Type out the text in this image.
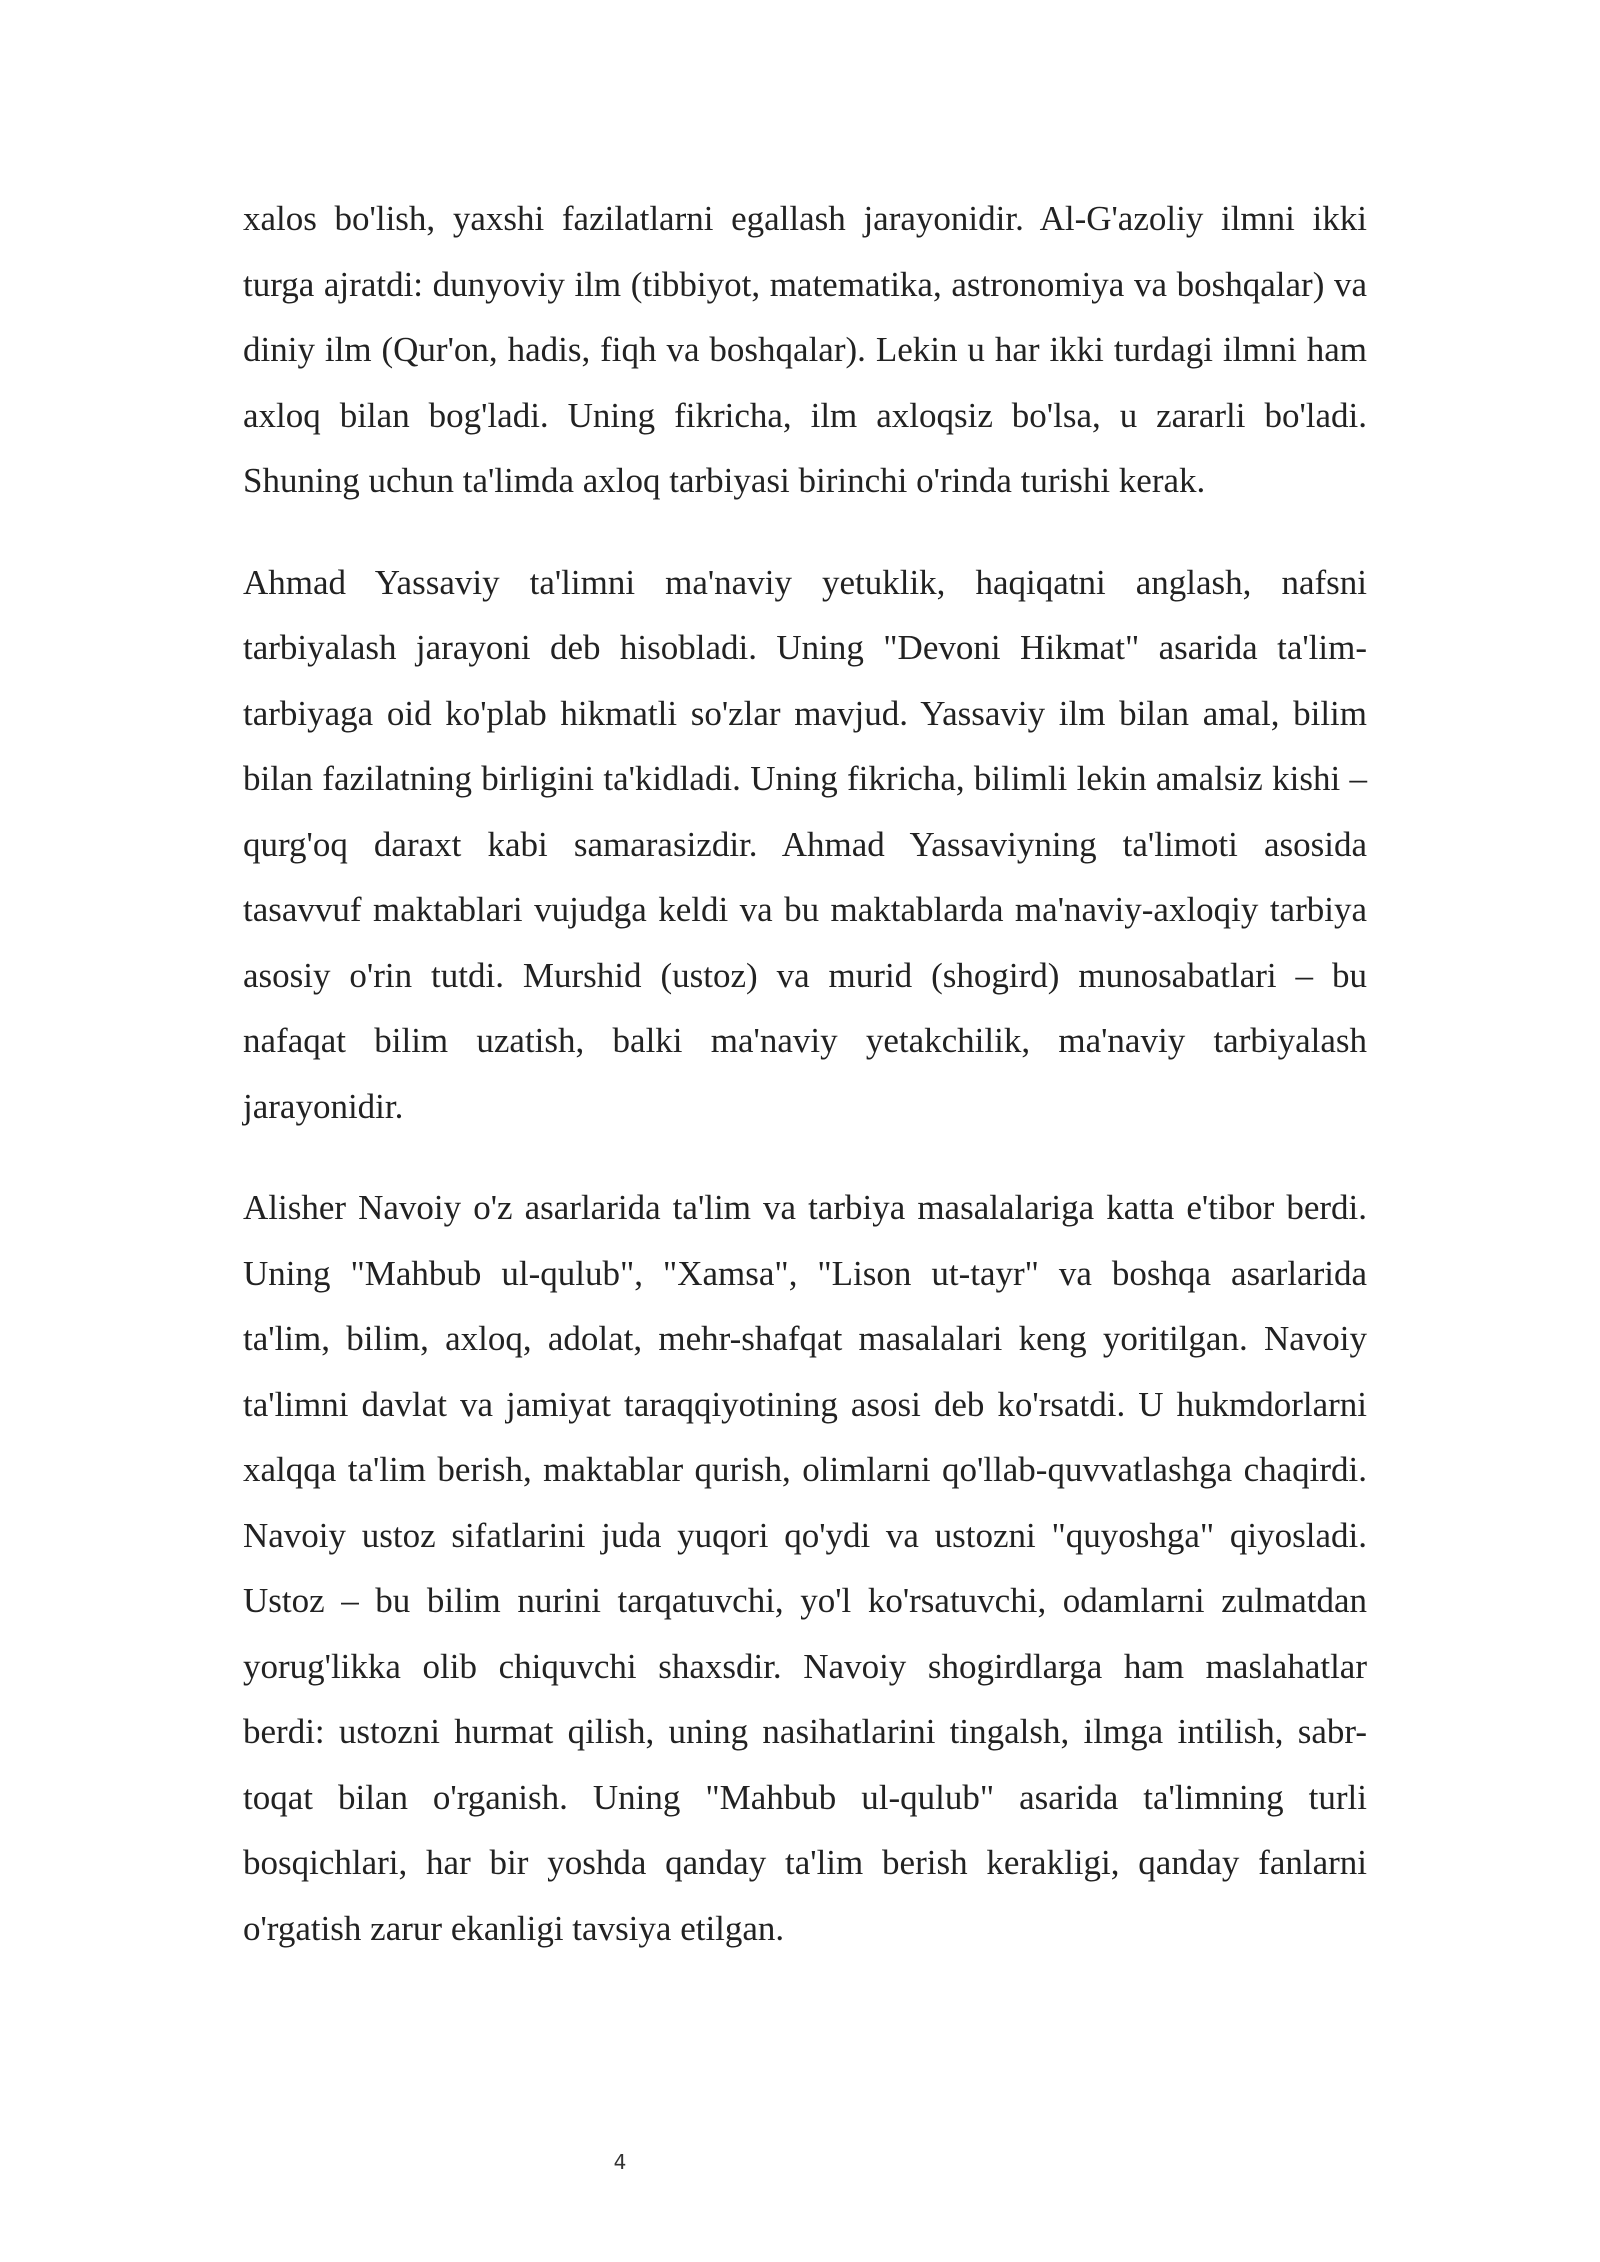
xalos bo'lish, yaxshi fazilatlarni egallash jarayonidir. Al-G'azoliy ilmni ikki turga ajratdi: dunyoviy ilm (tibbiyot, matematika, astronomiya va boshqalar) va diniy ilm (Qur'on, hadis, fiqh va boshqalar). Lekin u har ikki turdagi ilmni ham axloq bilan bog'ladi. Uning fikricha, ilm axloqsiz bo'lsa, u zararli bo'ladi. Shuning uchun ta'limda axloq tarbiyasi birinchi o'rinda turishi kerak.

Ahmad Yassaviy ta'limni ma'naviy yetuklik, haqiqatni anglash, nafsni tarbiyalash jarayoni deb hisobladi. Uning "Devoni Hikmat" asarida ta'lim-tarbiyaga oid ko'plab hikmatli so'zlar mavjud. Yassaviy ilm bilan amal, bilim bilan fazilatning birligini ta'kidladi. Uning fikricha, bilimli lekin amalsiz kishi – qurg'oq daraxt kabi samarasizdir. Ahmad Yassaviyning ta'limoti asosida tasavvuf maktablari vujudga keldi va bu maktablarda ma'naviy-axloqiy tarbiya asosiy o'rin tutdi. Murshid (ustoz) va murid (shogird) munosabatlari – bu nafaqat bilim uzatish, balki ma'naviy yetakchilik, ma'naviy tarbiyalash jarayonidir.

Alisher Navoiy o'z asarlarida ta'lim va tarbiya masalalariga katta e'tibor berdi. Uning "Mahbub ul-qulub", "Xamsa", "Lison ut-tayr" va boshqa asarlarida ta'lim, bilim, axloq, adolat, mehr-shafqat masalalari keng yoritilgan. Navoiy ta'limni davlat va jamiyat taraqqiyotining asosi deb ko'rsatdi. U hukmdorlarni xalqqa ta'lim berish, maktablar qurish, olimlarni qo'llab-quvvatlashga chaqirdi. Navoiy ustoz sifatlarini juda yuqori qo'ydi va ustozni "quyoshga" qiyosladi. Ustoz – bu bilim nurini tarqatuvchi, yo'l ko'rsatuvchi, odamlarni zulmatdan yorug'likka olib chiquvchi shaxsdir. Navoiy shogirdlarga ham maslahatlar berdi: ustozni hurmat qilish, uning nasihatlarini tingalsh, ilmga intilish, sabr-toqat bilan o'rganish. Uning "Mahbub ul-qulub" asarida ta'limning turli bosqichlari, har bir yoshda qanday ta'lim berish kerakligi, qanday fanlarni o'rgatish zarur ekanligi tavsiya etilgan.

4
